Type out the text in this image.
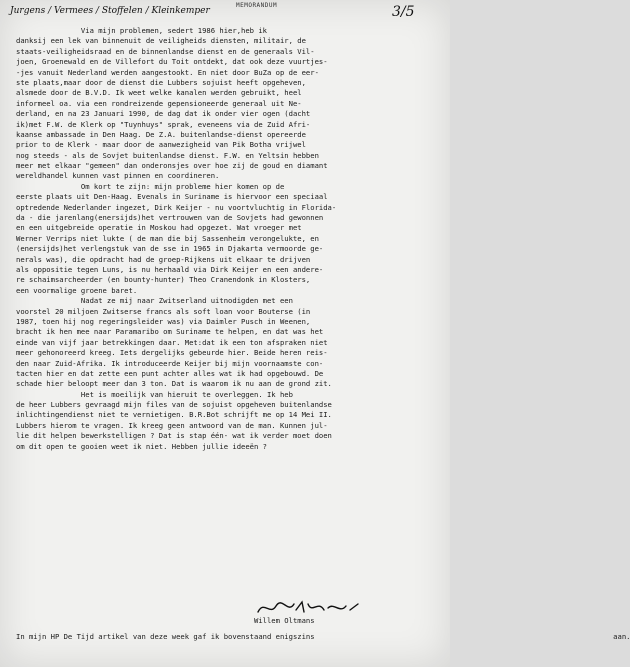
MEMORANDUM
Jurgens / Vermees / Stoffelen / Kleinkemper	3/5
Via mijn problemen, sedert 1986 hier,heb ik
danksij een lek van binnenuit de veiligheids diensten, militair, de
staats-veiligheidsraad en de binnenlandse dienst en de generaals Vil-
joen, Groenewald en de Villefort du Toit ontdekt, dat ook deze vuurtjes-
-jes vanuit Nederland werden aangestookt. En niet door BuZa op de eer-
ste plaats,maar door de dienst die Lubbers sojuist heeft opgeheven,
alsmede door de B.V.D. Ik weet welke kanalen werden gebruikt, heel
informeel oa. via een rondreizende gepensioneerde generaal uit Ne-
derland, en na 23 Januari 1990, de dag dat ik onder vier ogen (dacht
ik)met F.W. de Klerk op "Tuynhuys" sprak, eveneens via de Zuid Afri-
kaanse ambassade in Den Haag. De Z.A. buitenlandse-dienst opereerde
prior to de Klerk - maar door de aanwezigheid van Pik Botha vrijwel
nog steeds - als de Sovjet buitenlandse dienst. F.W. en Yeltsin hebben
meer met elkaar "gemeen" dan onderonsjes over hoe zij de goud en diamant
wereldhandel kunnen vast pinnen en coordineren.
Om kort te zijn: mijn probleme hier komen op de
eerste plaats uit Den-Haag. Evenals in Suriname is hiervoor een speciaal
optredende Nederlander ingezet, Dirk Keijer - nu voortvluchtig in Florida-
da - die jarenlang(enersijds)het vertrouwen van de Sovjets had gewonnen
en een uitgebreide operatie in Moskou had opgezet. Wat vroeger met
Werner Verrips niet lukte ( de man die bij Sassenheim verongelukte, en
(enersijds)het verlengstuk van de sse in 1965 in Djakarta vermoorde ge-
nerals was), die opdracht had de groep-Rijkens uit elkaar te drijven
als oppositie tegen Luns, is nu herhaald via Dirk Keijer en een andere-
re schaimsarcheerder (en bounty-hunter) Theo Cranendonk in Klosters,
een voormalige groene baret.
Nadat ze mij naar Zwitserland uitnodigden met een
voorstel 20 miljoen Zwitserse francs als soft loan voor Bouterse (in
1987, toen hij nog regeringsleider was) via Daimler Pusch in Weenen,
bracht ik hen mee naar Paramaribo om Suriname te helpen, en dat was het
einde van vijf jaar betrekkingen daar. Met:dat ik een ton afspraken niet
meer gehonoreerd kreeg. Iets dergelijks gebeurde hier. Beide heren reis-
den naar Zuid-Afrika. Ik introduceerde Keijer bij mijn voornaamste con-
tacten hier en dat zette een punt achter alles wat ik had opgebouwd. De
schade hier beloopt meer dan 3 ton. Dat is waarom ik nu aan de grond zit.
Het is moeilijk van hieruit te overleggen. Ik heb
de heer Lubbers gevraagd mijn files van de sojuist opgeheven buitenlandse
inlichtingendienst niet te vernietigen. B.R.Bot schrijft me op 14 Mei II.
Lubbers hierom te vragen. Ik kreeg geen antwoord van de man. Kunnen jul-
lie dit helpen bewerkstelligen ? Dat is stap één- wat ik verder moet doen
om dit open te gooien weet ik niet. Hebben jullie ideeën ?
Willem Oltmans
In mijn HP De Tijd artikel van deze week gaf ik bovenstaand enigszins                                                                     aan.
